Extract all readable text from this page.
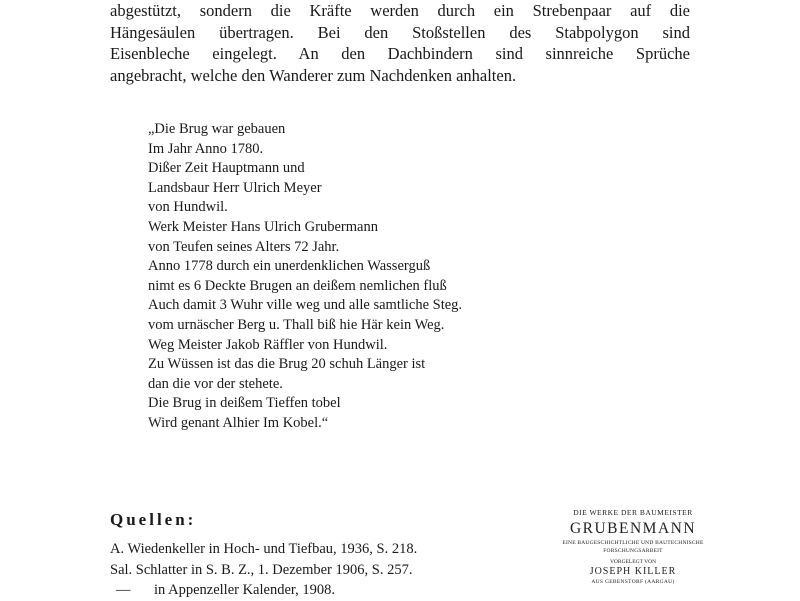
abgestützt, sondern die Kräfte werden durch ein Strebenpaar auf die
Hängesäulen übertragen. Bei den Stoßstellen des Stabpolygon sind
Eisenbleche eingelegt. An den Dachbindern sind sinnreiche Sprüche
angebracht, welche den Wanderer zum Nachdenken anhalten.
„Die Brug war gebauen
Im Jahr Anno 1780.
Dißer Zeit Hauptmann und
Landsbaur Herr Ulrich Meyer
von Hundwil.
Werk Meister Hans Ulrich Grubermann
von Teufen seines Alters 72 Jahr.
Anno 1778 durch ein unerdenklichen Wasserguß
nimt es 6 Deckte Brugen an deißem nemlichen fluß
Auch damit 3 Wuhr ville weg und alle samtliche Steg.
vom urnäscher Berg u. Thall biß hie Här kein Weg.
Weg Meister Jakob Räffler von Hundwil.
Zu Wüssen ist das die Brug 20 schuh Länger ist
dan die vor der stehete.
Die Brug in deißem Tieffen tobel
Wird genant Alhier Im Kobel.“
Quellen:
A. Wiedenkeller in Hoch- und Tiefbau, 1936, S. 218.
Sal. Schlatter in S. B. Z., 1. Dezember 1906, S. 257.
— in Appenzeller Kalender, 1908.
DIE WERKE DER BAUMEISTER
GRUBENMANN
EINE BAUGESCHICHTLICHE UND BAUTECHNISCHE
FORSCHUNGSARBEIT
VORGELEGT VON
JOSEPH KILLER
AUS GEBENSTORF (AARGAU)
